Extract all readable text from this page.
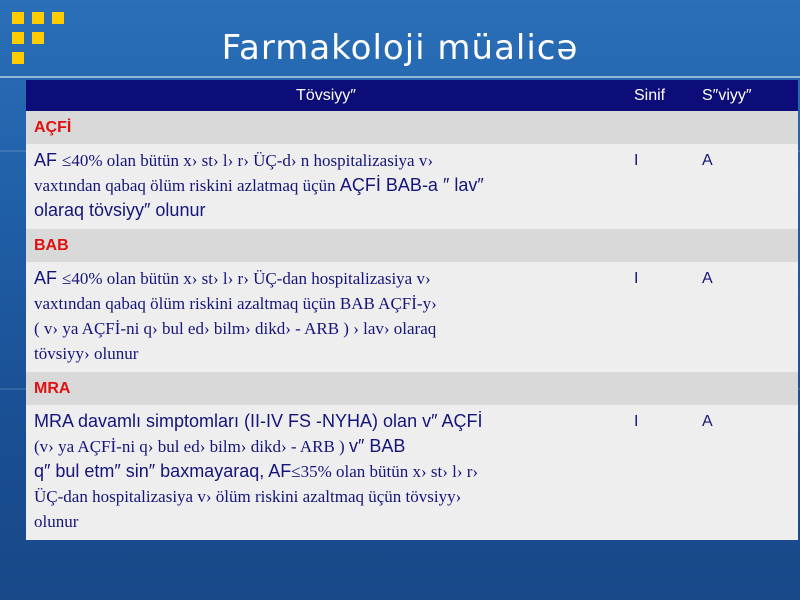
Farmakoloji müalicə
Tövsiyy″	Sinif	S″viyy″
AÇFİ		

AF ≤40% olan bütün x› st› l› r› ÜÇ-d› n hospitalizasiya v›
vaxtından qabaq ölüm riskini azlatmaq üçün AÇFİ BAB-a ″ lav″
olaraq tövsiyy″ olunur	I	A
BAB		

AF ≤40% olan bütün x› st› l› r› ÜÇ-dan hospitalizasiya v›
vaxtından qabaq ölüm riskini azaltmaq üçün BAB AÇFİ-y›
( v› ya AÇFİ-ni q› bul ed› bilm› dikd› - ARB ) › lav› olaraq
tövsiyy› olunur	I	A
MRA		

MRA davamlı simptomları (II-IV FS -NYHA) olan v″ AÇFİ
(v› ya AÇFİ-ni q› bul ed› bilm› dikd› - ARB ) v″ BAB
q″ bul etm″ sin″ baxmayaraq, AF≤35% olan bütün x› st› l› r›
ÜÇ-dan hospitalizasiya v› ölüm riskini azaltmaq üçün tövsiyy›
olunur	I	A
